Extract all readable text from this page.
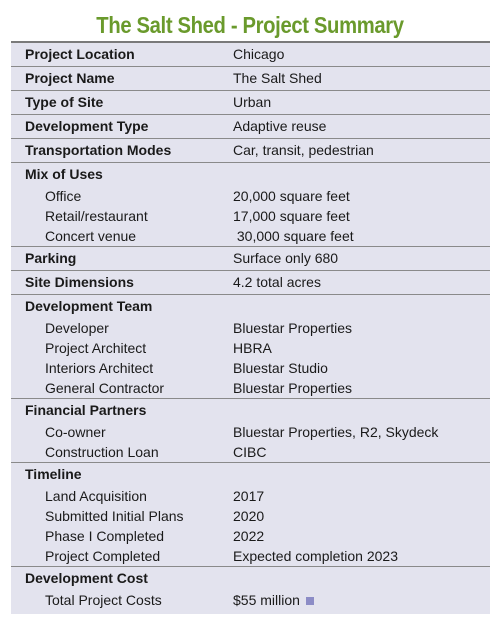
The Salt Shed - Project Summary
Project Location	Chicago
Project Name	The Salt Shed
Type of Site	Urban
Development Type	Adaptive reuse
Transportation Modes	Car, transit, pedestrian
Mix of Uses
Office	20,000 square feet
Retail/restaurant	17,000 square feet
Concert venue	30,000 square feet
Parking	Surface only 680
Site Dimensions	4.2 total acres
Development Team
Developer	Bluestar Properties
Project Architect	HBRA
Interiors Architect	Bluestar Studio
General Contractor	Bluestar Properties
Financial Partners
Co-owner	Bluestar Properties, R2, Skydeck
Construction Loan	CIBC
Timeline
Land Acquisition	2017
Submitted Initial Plans	2020
Phase I Completed	2022
Project Completed	Expected completion 2023
Development Cost
Total Project Costs	$55 million
